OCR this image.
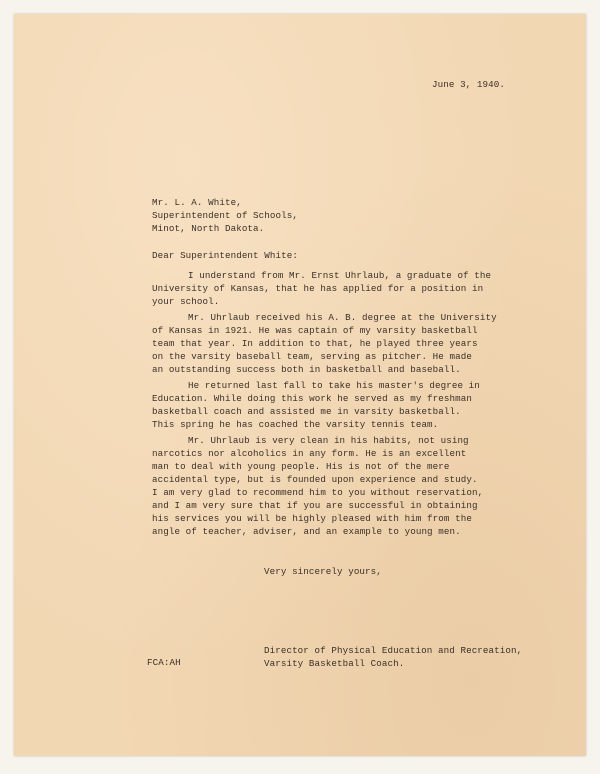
June 3, 1940.
Mr. L. A. White,
Superintendent of Schools,
Minot, North Dakota.
Dear Superintendent White:
I understand from Mr. Ernst Uhrlaub, a graduate of the
University of Kansas, that he has applied for a position in
your school.
Mr. Uhrlaub received his A. B. degree at the University
of Kansas in 1921. He was captain of my varsity basketball
team that year. In addition to that, he played three years
on the varsity baseball team, serving as pitcher. He made
an outstanding success both in basketball and baseball.
He returned last fall to take his master's degree in
Education. While doing this work he served as my freshman
basketball coach and assisted me in varsity basketball.
This spring he has coached the varsity tennis team.
Mr. Uhrlaub is very clean in his habits, not using
narcotics nor alcoholics in any form. He is an excellent
man to deal with young people. His is not of the mere
accidental type, but is founded upon experience and study.
I am very glad to recommend him to you without reservation,
and I am very sure that if you are successful in obtaining
his services you will be highly pleased with him from the
angle of teacher, adviser, and an example to young men.
Very sincerely yours,
Director of Physical Education and Recreation,
Varsity Basketball Coach.
FCA:AH
